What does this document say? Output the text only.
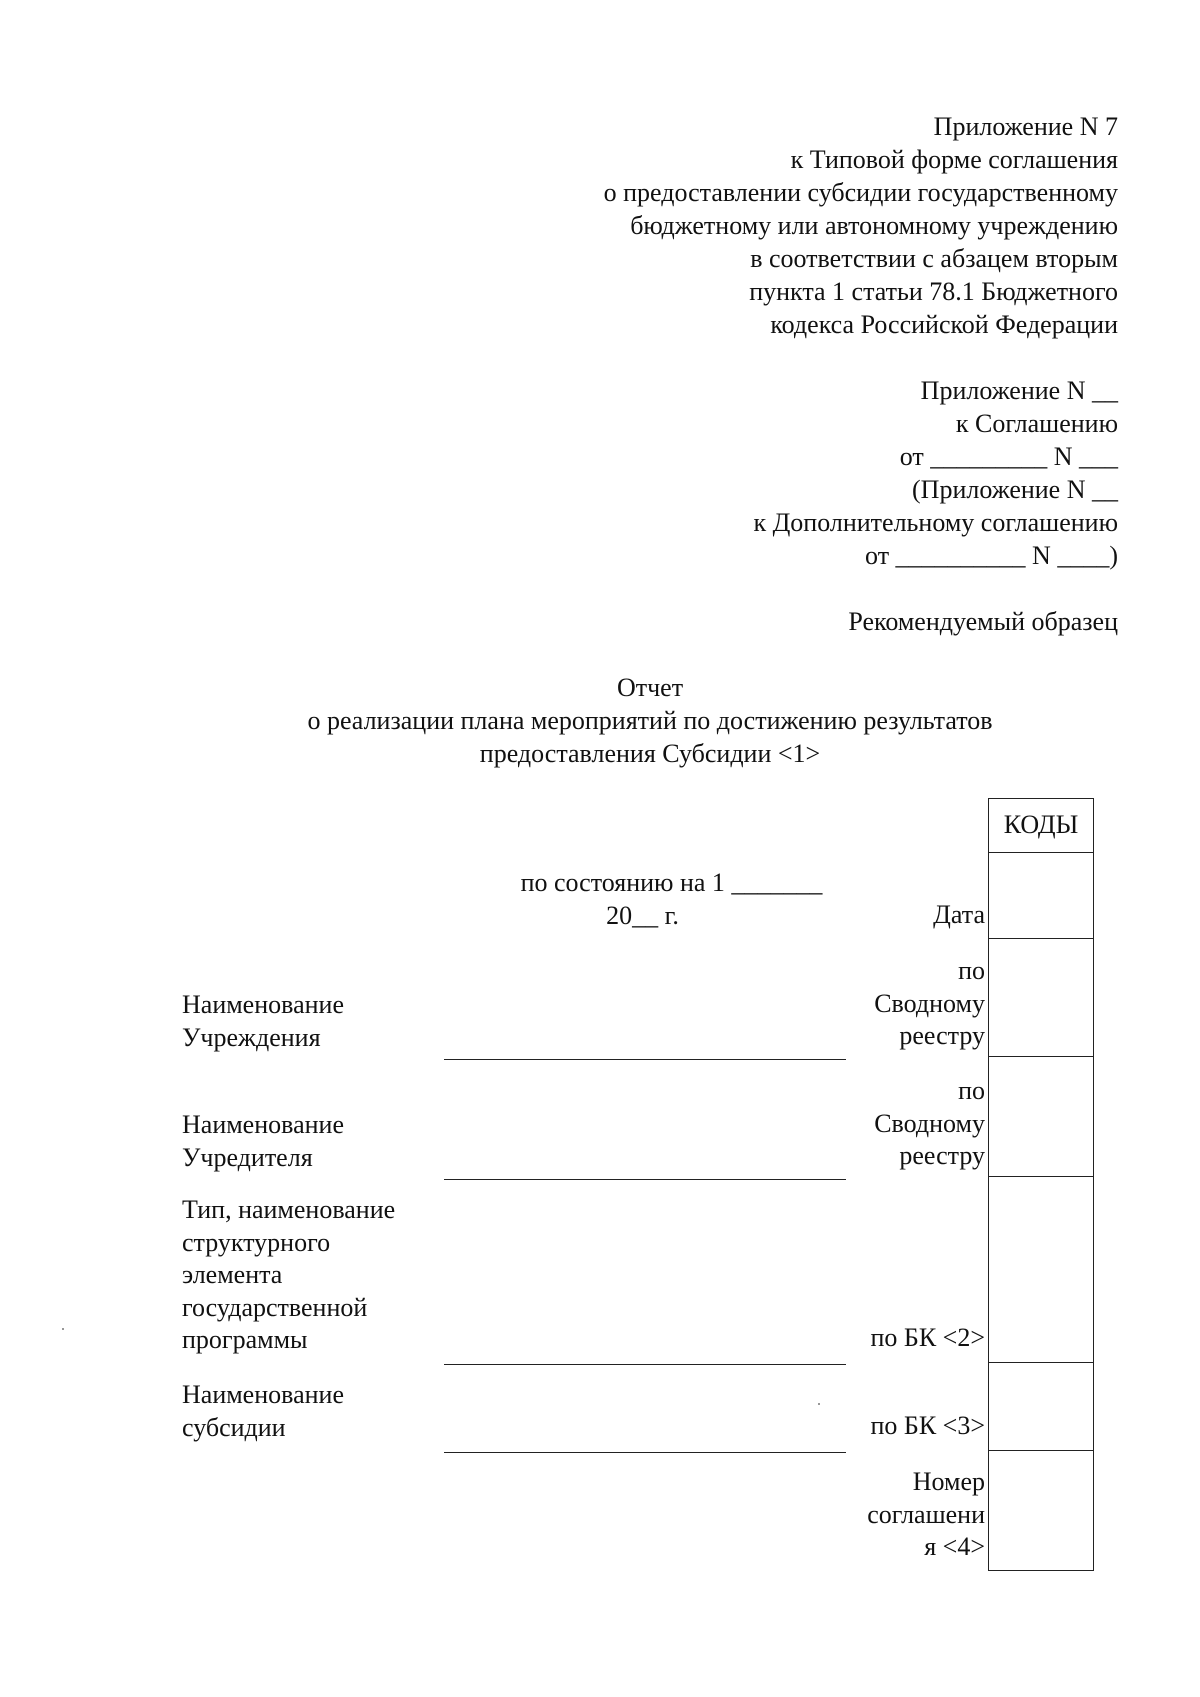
Приложение N 7
к Типовой форме соглашения
о предоставлении субсидии государственному
бюджетному или автономному учреждению
в соответствии с абзацем вторым
пункта 1 статьи 78.1 Бюджетного
кодекса Российской Федерации
Приложение N __
к Соглашению
от _________ N ___
(Приложение N __
к Дополнительному соглашению
от __________ N ____)
Рекомендуемый образец
Отчет
о реализации плана мероприятий по достижению результатов
предоставления Субсидии <1>
по состоянию на 1 _______
20__ г.	Дата
Наименование
Учреждения
Наименование
Учредителя
Тип, наименование
структурного
элемента
государственной
программы
Наименование
субсидии
по
Сводному
реестру
по
Сводному
реестру
по БК <2>
по БК <3>
Номер
соглашени
я <4>
КОДЫ
